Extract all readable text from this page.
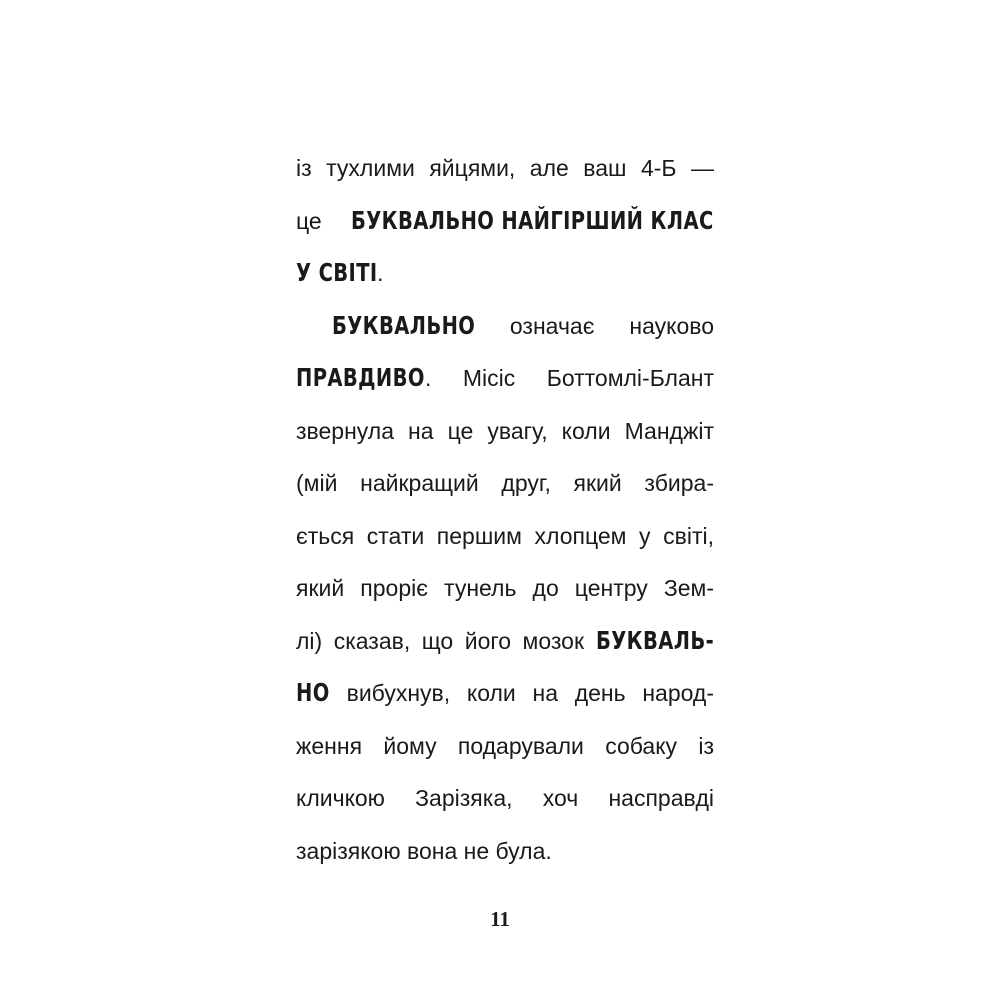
із тухлими яйцями, але ваш 4-Б —
це БУКВАЛЬНО НАЙГІРШИЙ КЛАС
У СВІТІ.
БУКВАЛЬНО означає науково
ПРАВДИВО. Місіс Боттомлі-Блант
звернула на це увагу, коли Манджіт
(мій найкращий друг, який збира-
ється стати першим хлопцем у світі,
який проріє тунель до центру Зем-
лі) сказав, що його мозок БУКВАЛЬ-
НО вибухнув, коли на день народ-
ження йому подарували собаку із
кличкою Зарізяка, хоч насправді
зарізякою вона не була.
11
